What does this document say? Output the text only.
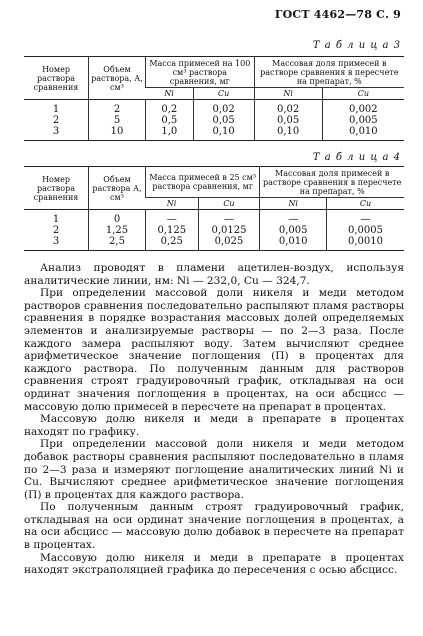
ГОСТ 4462—78 С. 9
Т а б л и ц а 3
Номер раствора сравнения	Объем раствора, А, см³	Масса примесей на 100 см³ раствора сравнения, мг		Массовая доля примесей в растворе сравнения в пересчете на препарат, %	
		Ni	Cu	Ni	Cu
1	2	0,2	0,02	0,02	0,002
2	5	0,5	0,05	0,05	0,005
3	10	1,0	0,10	0,10	0,010
Т а б л и ц а 4
Номер раствора сравнения	Объем раствора А, см³	Масса примесей в 25 см³ раствора сравнения, мг		Массовая доля примесей в растворе сравнения в пересчете на препарат, %	
		Ni	Cu	Ni	Cu
1	0	—	—	—	—
2	1,25	0,125	0,0125	0,005	0,0005
3	2,5	0,25	0,025	0,010	0,0010

Анализ проводят в пламени ацетилен-воздух, используя аналитические линии, нм: Ni — 232,0, Cu — 324,7.

При определении массовой доли никеля и меди методом растворов сравнения последовательно распыляют пламя растворы сравнения в порядке возрастания массовых долей определяемых элементов и анализируемые растворы — по 2—3 раза. После каждого замера распыляют воду. Затем вычисляют среднее арифметическое значение поглощения (П) в процентах для каждого раствора. По полученным данным для растворов сравнения строят градуировочный график, откладывая на оси ординат значения поглощения в процентах, на оси абсцисс — массовую долю примесей в пересчете на препарат в процентах.

Массовую долю никеля и меди в препарате в процентах находят по графику.

При определении массовой доли никеля и меди методом добавок растворы сравнения распыляют последовательно в пламя по 2—3 раза и измеряют поглощение аналитических линий Ni и Cu. Вычисляют среднее арифметическое значение поглощения (П) в процентах для каждого раствора.

По полученным данным строят градуировочный график, откладывая на оси ординат значение поглощения в процентах, а на оси абсцисс — массовую долю добавок в пересчете на препарат в процентах.

Массовую долю никеля и меди в препарате в процентах находят экстраполяцией графика до пересечения с осью абсцисс.
